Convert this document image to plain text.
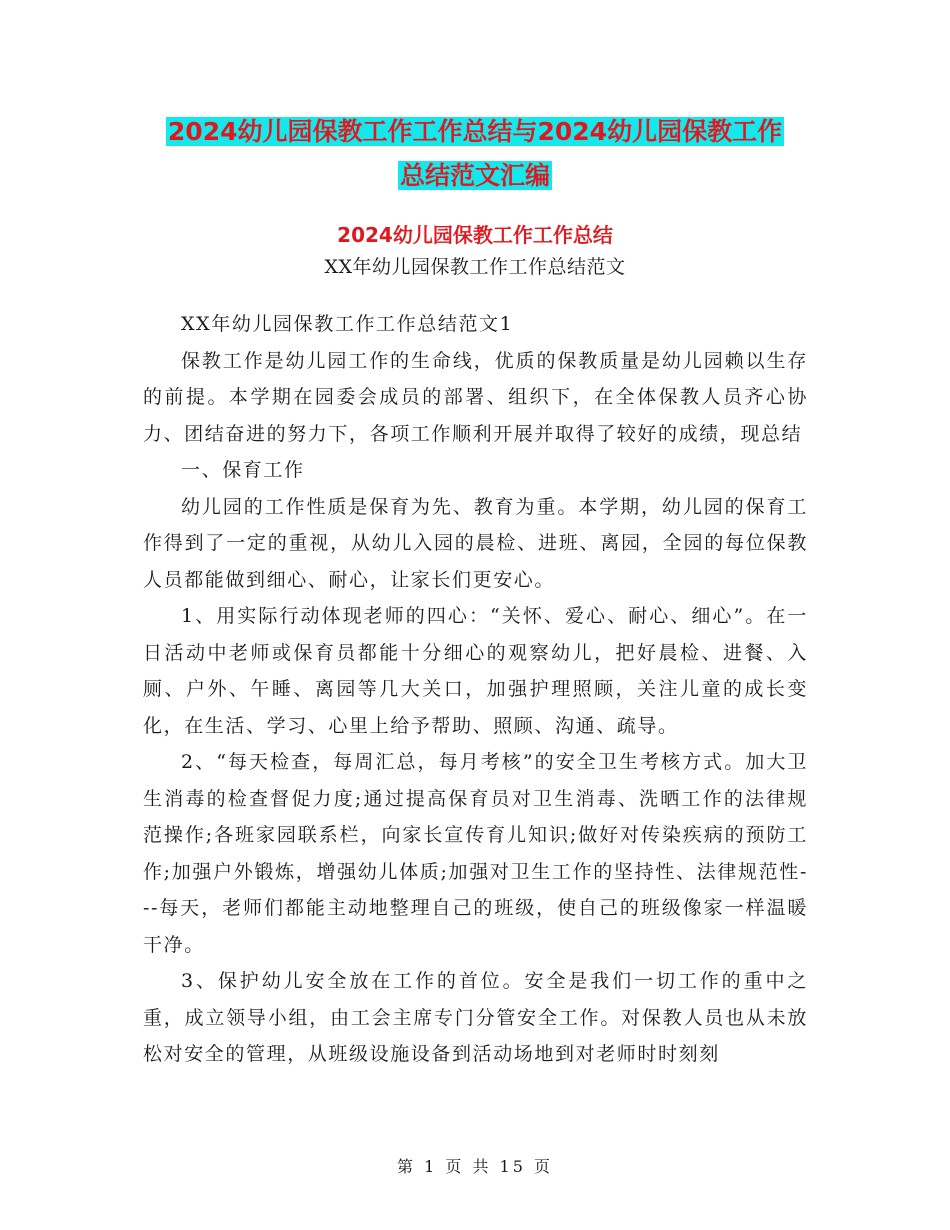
2024幼儿园保教工作工作总结与2024幼儿园保教工作
总结范文汇编
2024幼儿园保教工作工作总结
XX年幼儿园保教工作工作总结范文

XX年幼儿园保教工作工作总结范文1

保教工作是幼儿园工作的生命线，优质的保教质量是幼儿园赖以生存的前提。本学期在园委会成员的部署、组织下，在全体保教人员齐心协力、团结奋进的努力下，各项工作顺利开展并取得了较好的成绩，现总结

一、保育工作

幼儿园的工作性质是保育为先、教育为重。本学期，幼儿园的保育工作得到了一定的重视，从幼儿入园的晨检、进班、离园，全园的每位保教人员都能做到细心、耐心，让家长们更安心。

1、用实际行动体现老师的四心：“关怀、爱心、耐心、细心”。在一日活动中老师或保育员都能十分细心的观察幼儿，把好晨检、进餐、入厕、户外、午睡、离园等几大关口，加强护理照顾，关注儿童的成长变化，在生活、学习、心里上给予帮助、照顾、沟通、疏导。

2、“每天检查，每周汇总，每月考核”的安全卫生考核方式。加大卫生消毒的检查督促力度;通过提高保育员对卫生消毒、洗晒工作的法律规范操作;各班家园联系栏，向家长宣传育儿知识;做好对传染疾病的预防工作;加强户外锻炼，增强幼儿体质;加强对卫生工作的坚持性、法律规范性---每天，老师们都能主动地整理自己的班级，使自己的班级像家一样温暖干净。

3、保护幼儿安全放在工作的首位。安全是我们一切工作的重中之重，成立领导小组，由工会主席专门分管安全工作。对保教人员也从未放松对安全的管理，从班级设施设备到活动场地到对老师时时刻刻

第 1 页 共 15 页
